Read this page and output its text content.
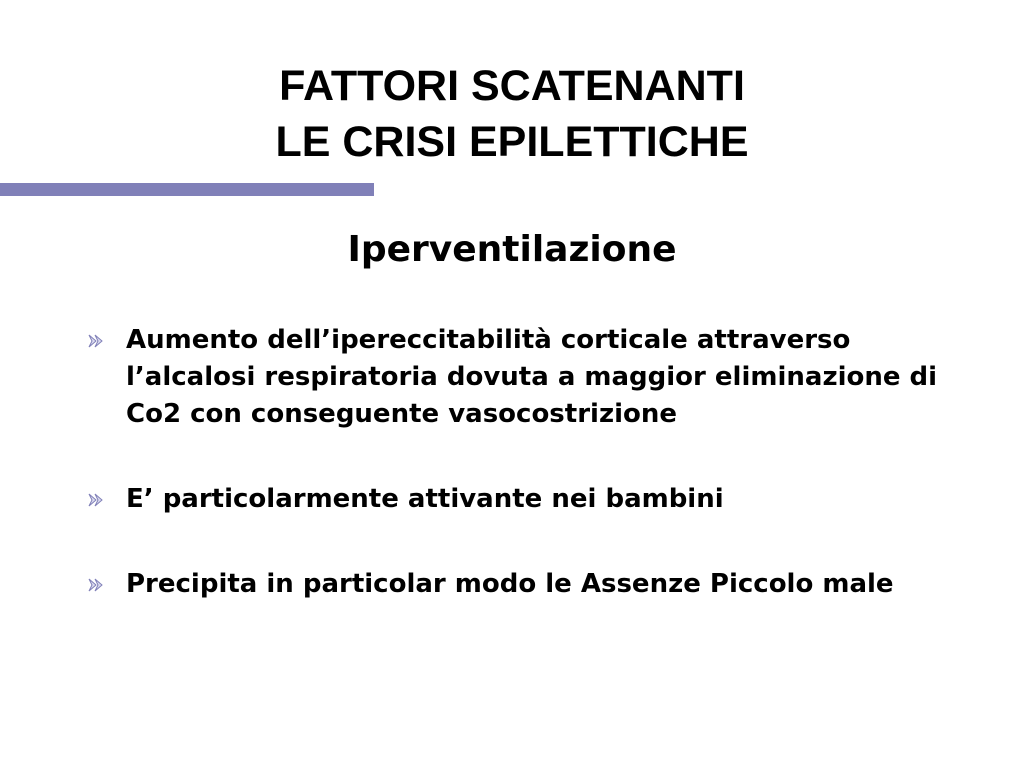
FATTORI SCATENANTI
LE CRISI EPILETTICHE
Iperventilazione
Aumento dell’ipereccitabilità corticale attraverso l’alcalosi respiratoria dovuta a maggior eliminazione di Co2 con conseguente vasocostrizione
E’ particolarmente attivante nei bambini
Precipita in particolar modo le Assenze Piccolo male
